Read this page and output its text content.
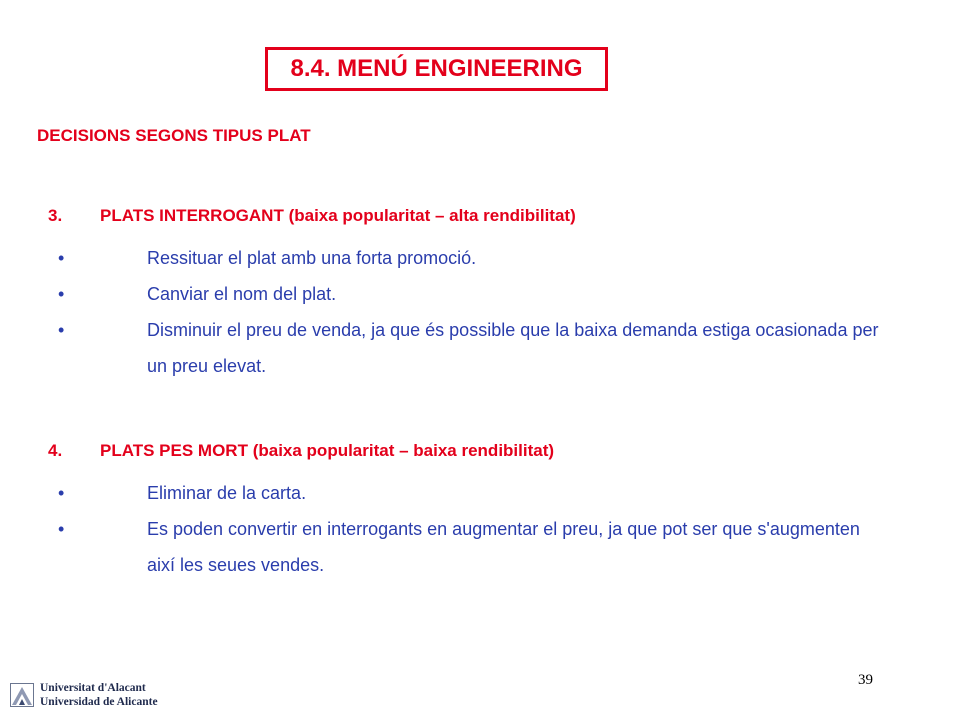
8.4. MENÚ ENGINEERING
DECISIONS SEGONS TIPUS PLAT
3. PLATS INTERROGANT (baixa popularitat – alta rendibilitat)
•	Ressituar el plat amb una forta promoció.
•	Canviar el nom del plat.
•	Disminuir el preu de venda, ja que és possible que la baixa demanda estiga ocasionada per un preu elevat.
4. PLATS PES MORT (baixa popularitat – baixa rendibilitat)
•	Eliminar de la carta.
•	Es poden convertir en interrogants en augmentar el preu, ja que pot ser que s'augmenten així les seues vendes.
Universitat d'Alacant
Universidad de Alicante
39
